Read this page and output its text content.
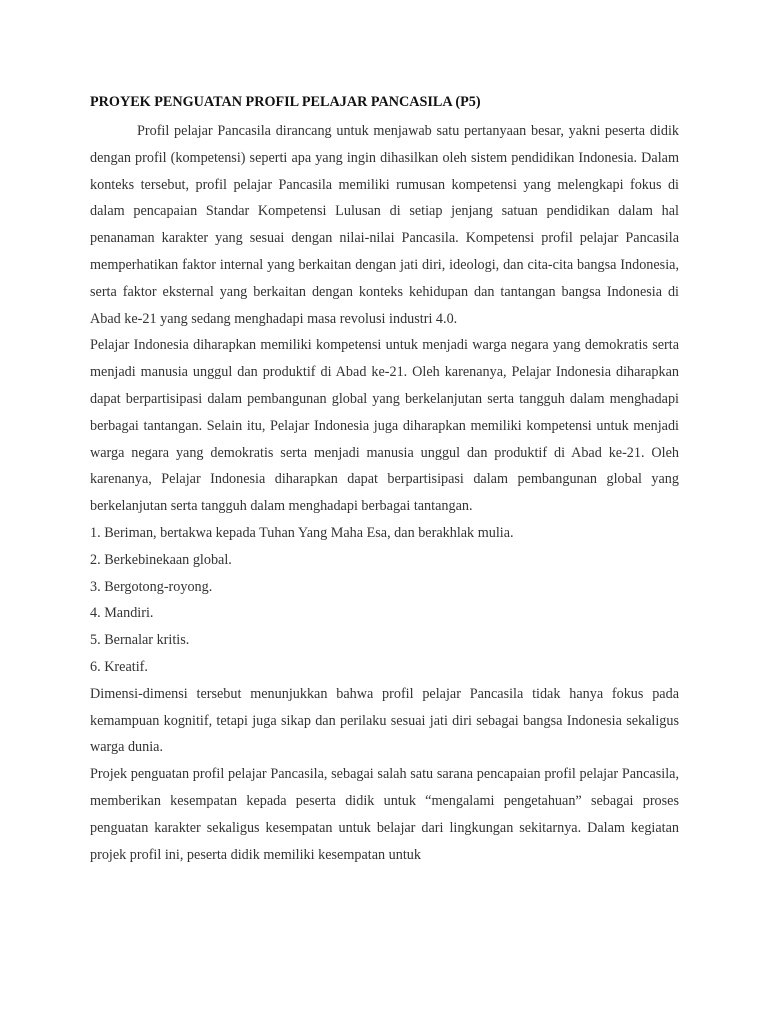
PROYEK PENGUATAN PROFIL PELAJAR PANCASILA (P5)

Profil pelajar Pancasila dirancang untuk menjawab satu pertanyaan besar, yakni peserta didik dengan profil (kompetensi) seperti apa yang ingin dihasilkan oleh sistem pendidikan Indonesia. Dalam konteks tersebut, profil pelajar Pancasila memiliki rumusan kompetensi yang melengkapi fokus di dalam pencapaian Standar Kompetensi Lulusan di setiap jenjang satuan pendidikan dalam hal penanaman karakter yang sesuai dengan nilai-nilai Pancasila. Kompetensi profil pelajar Pancasila memperhatikan faktor internal yang berkaitan dengan jati diri, ideologi, dan cita-cita bangsa Indonesia, serta faktor eksternal yang berkaitan dengan konteks kehidupan dan tantangan bangsa Indonesia di Abad ke-21 yang sedang menghadapi masa revolusi industri 4.0.

Pelajar Indonesia diharapkan memiliki kompetensi untuk menjadi warga negara yang demokratis serta menjadi manusia unggul dan produktif di Abad ke-21. Oleh karenanya, Pelajar Indonesia diharapkan dapat berpartisipasi dalam pembangunan global yang berkelanjutan serta tangguh dalam menghadapi berbagai tantangan. Selain itu, Pelajar Indonesia juga diharapkan memiliki kompetensi untuk menjadi warga negara yang demokratis serta menjadi manusia unggul dan produktif di Abad ke-21. Oleh karenanya, Pelajar Indonesia diharapkan dapat berpartisipasi dalam pembangunan global yang berkelanjutan serta tangguh dalam menghadapi berbagai tantangan.

1. Beriman, bertakwa kepada Tuhan Yang Maha Esa, dan berakhlak mulia.
2. Berkebinekaan global.
3. Bergotong-royong.
4. Mandiri.
5. Bernalar kritis.
6. Kreatif.

Dimensi-dimensi tersebut menunjukkan bahwa profil pelajar Pancasila tidak hanya fokus pada kemampuan kognitif, tetapi juga sikap dan perilaku sesuai jati diri sebagai bangsa Indonesia sekaligus warga dunia.

Projek penguatan profil pelajar Pancasila, sebagai salah satu sarana pencapaian profil pelajar Pancasila, memberikan kesempatan kepada peserta didik untuk “mengalami pengetahuan” sebagai proses penguatan karakter sekaligus kesempatan untuk belajar dari lingkungan sekitarnya. Dalam kegiatan projek profil ini, peserta didik memiliki kesempatan untuk
